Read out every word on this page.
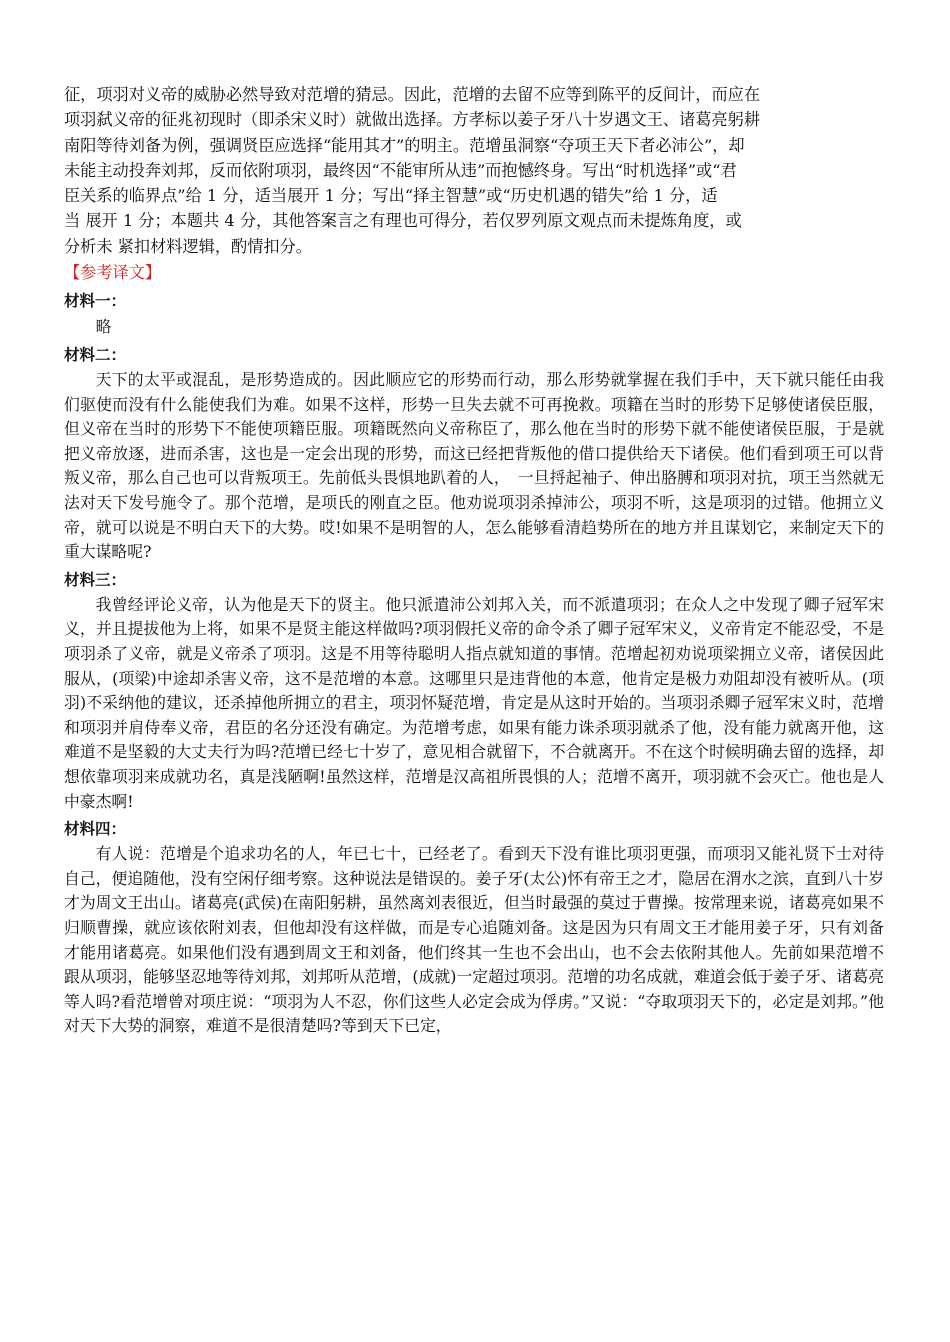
征，项羽对义帝的威胁必然导致对范增的猜忌。因此，范增的去留不应等到陈平的反间计，而应在

项羽弑义帝的征兆初现时（即杀宋义时）就做出选择。方孝标以姜子牙八十岁遇文王、诸葛亮躬耕

南阳等待刘备为例，强调贤臣应选择“能用其才”的明主。范增虽洞察“夺项王天下者必沛公”，却

未能主动投奔刘邦，反而依附项羽，最终因“不能审所从违”而抱憾终身。写出“时机选择”或“君

臣关系的临界点”给 1 分，适当展开 1 分；写出“择主智慧”或“历史机遇的错失”给 1 分，适

当 展开 1 分；本题共 4 分，其他答案言之有理也可得分，若仅罗列原文观点而未提炼角度，或

分析未 紧扣材料逻辑，酌情扣分。

【参考译文】
材料一：

略

材料二：

天下的太平或混乱，是形势造成的。因此顺应它的形势而行动，那么形势就掌握在我们手中，天下就只能任由我们驱使而没有什么能使我们为难。如果不这样，形势一旦失去就不可再挽救。项籍在当时的形势下足够使诸侯臣服，但义帝在当时的形势下不能使项籍臣服。项籍既然向义帝称臣了，那么他在当时的形势下就不能使诸侯臣服，于是就把义帝放逐，进而杀害，这也是一定会出现的形势，而这已经把背叛他的借口提供给天下诸侯。他们看到项王可以背叛义帝，那么自己也可以背叛项王。先前低头畏惧地趴着的人，　一旦捋起袖子、伸出胳膊和项羽对抗，项王当然就无法对天下发号施令了。那个范增，是项氏的刚直之臣。他劝说项羽杀掉沛公，项羽不听，这是项羽的过错。他拥立义帝，就可以说是不明白天下的大势。哎!如果不是明智的人，怎么能够看清趋势所在的地方并且谋划它，来制定天下的重大谋略呢?

材料三：

我曾经评论义帝，认为他是天下的贤主。他只派遣沛公刘邦入关，而不派遣项羽；在众人之中发现了卿子冠军宋义，并且提拔他为上将，如果不是贤主能这样做吗?项羽假托义帝的命令杀了卿子冠军宋义，义帝肯定不能忍受，不是项羽杀了义帝，就是义帝杀了项羽。这是不用等待聪明人指点就知道的事情。范增起初劝说项梁拥立义帝，诸侯因此服从，(项梁)中途却杀害义帝，这不是范增的本意。这哪里只是违背他的本意，他肯定是极力劝阻却没有被听从。(项羽)不采纳他的建议，还杀掉他所拥立的君主，项羽怀疑范增，肯定是从这时开始的。当项羽杀卿子冠军宋义时，范增和项羽并肩侍奉义帝，君臣的名分还没有确定。为范增考虑，如果有能力诛杀项羽就杀了他，没有能力就离开他，这难道不是坚毅的大丈夫行为吗?范增已经七十岁了，意见相合就留下，不合就离开。不在这个时候明确去留的选择，却想依靠项羽来成就功名，真是浅陋啊!虽然这样，范增是汉高祖所畏惧的人；范增不离开，项羽就不会灭亡。他也是人中豪杰啊!

材料四：

有人说：范增是个追求功名的人，年已七十，已经老了。看到天下没有谁比项羽更强，而项羽又能礼贤下士对待自己，便追随他，没有空闲仔细考察。这种说法是错误的。姜子牙(太公)怀有帝王之才，隐居在渭水之滨，直到八十岁才为周文王出山。诸葛亮(武侯)在南阳躬耕，虽然离刘表很近，但当时最强的莫过于曹操。按常理来说，诸葛亮如果不归顺曹操，就应该依附刘表，但他却没有这样做，而是专心追随刘备。这是因为只有周文王才能用姜子牙，只有刘备才能用诸葛亮。如果他们没有遇到周文王和刘备，他们终其一生也不会出山，也不会去依附其他人。先前如果范增不跟从项羽，能够坚忍地等待刘邦，刘邦听从范增，(成就)一定超过项羽。范增的功名成就，难道会低于姜子牙、诸葛亮等人吗?看范增曾对项庄说：“项羽为人不忍，你们这些人必定会成为俘虏。”又说：“夺取项羽天下的，必定是刘邦。”他对天下大势的洞察，难道不是很清楚吗?等到天下已定，
